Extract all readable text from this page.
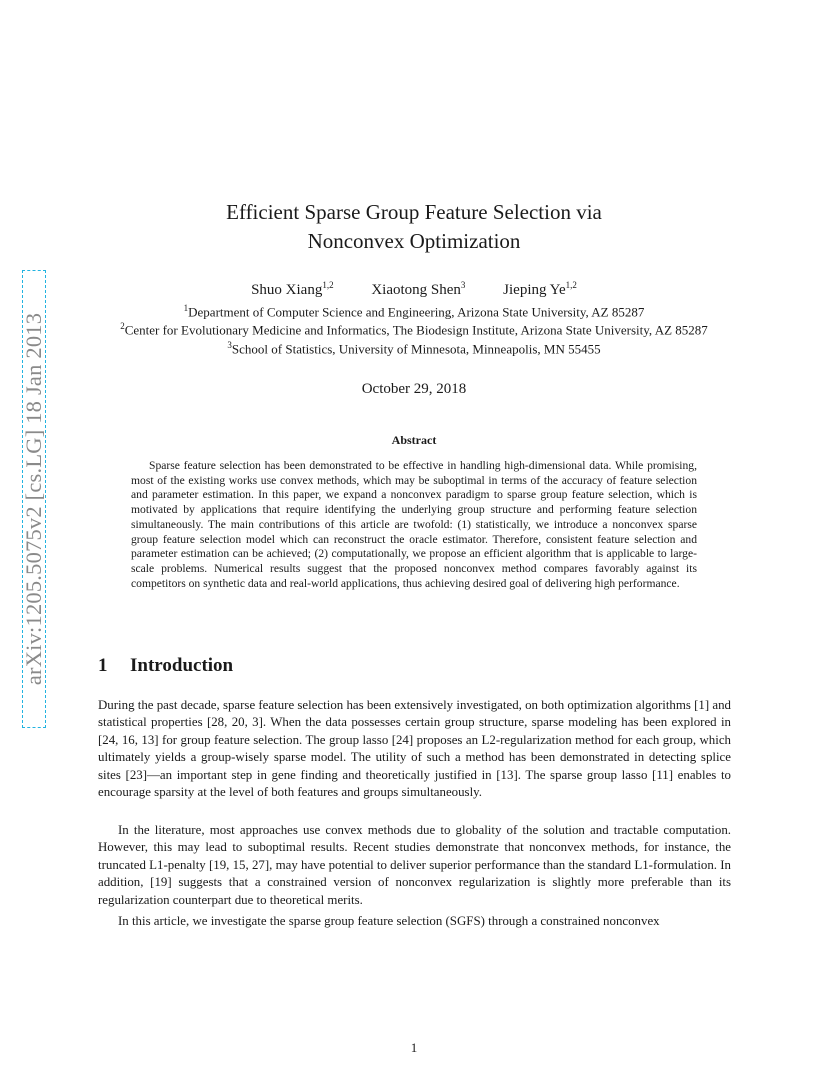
arXiv:1205.5075v2 [cs.LG] 18 Jan 2013
Efficient Sparse Group Feature Selection via
Nonconvex Optimization
Shuo Xiang$^{1,2}$	Xiaotong Shen$^3$	Jieping Ye$^{1,2}$
$^1$Department of Computer Science and Engineering, Arizona State University, AZ 85287
$^2$Center for Evolutionary Medicine and Informatics, The Biodesign Institute, Arizona State University, AZ 85287
$^3$School of Statistics, University of Minnesota, Minneapolis, MN 55455
October 29, 2018
Abstract
Sparse feature selection has been demonstrated to be effective in handling high-dimensional data. While promising, most of the existing works use convex methods, which may be suboptimal in terms of the accuracy of feature selection and parameter estimation. In this paper, we expand a nonconvex paradigm to sparse group feature selection, which is motivated by applications that require identifying the underlying group structure and performing feature selection simultaneously. The main contributions of this article are twofold: (1) statistically, we introduce a nonconvex sparse group feature selection model which can reconstruct the oracle estimator. Therefore, consistent feature selection and parameter estimation can be achieved; (2) computationally, we propose an efficient algorithm that is applicable to large-scale problems. Numerical results suggest that the proposed nonconvex method compares favorably against its competitors on synthetic data and real-world applications, thus achieving desired goal of delivering high performance.
1 Introduction
During the past decade, sparse feature selection has been extensively investigated, on both optimization algorithms [1] and statistical properties [28, 20, 3]. When the data possesses certain group structure, sparse modeling has been explored in [24, 16, 13] for group feature selection. The group lasso [24] proposes an L2-regularization method for each group, which ultimately yields a group-wisely sparse model. The utility of such a method has been demonstrated in detecting splice sites [23]—an important step in gene finding and theoretically justified in [13]. The sparse group lasso [11] enables to encourage sparsity at the level of both features and groups simultaneously.
In the literature, most approaches use convex methods due to globality of the solution and tractable computation. However, this may lead to suboptimal results. Recent studies demonstrate that nonconvex methods, for instance, the truncated L1-penalty [19, 15, 27], may have potential to deliver superior performance than the standard L1-formulation. In addition, [19] suggests that a constrained version of nonconvex regularization is slightly more preferable than its regularization counterpart due to theoretical merits.
In this article, we investigate the sparse group feature selection (SGFS) through a constrained nonconvex
1
